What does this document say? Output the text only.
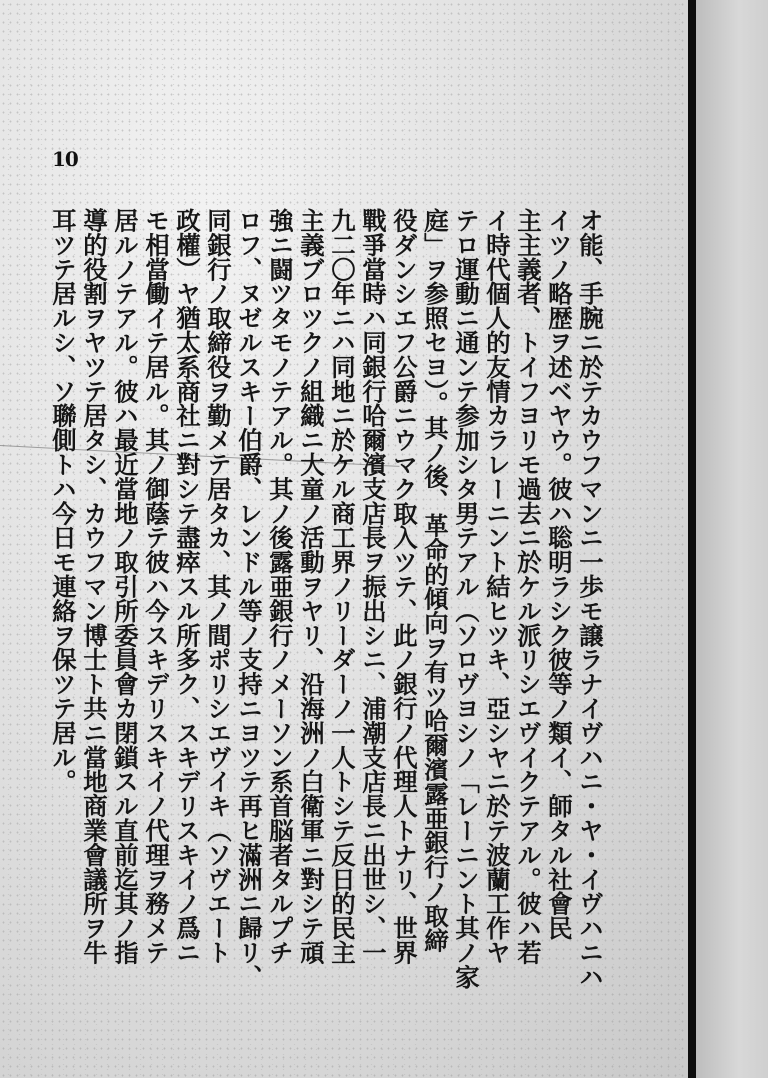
10
オ能、手腕ニ於テカウフマンニ一歩モ譲ラナイヴハニ・ヤ・イヴハニハ
イツノ略歴ヲ述ベヤウ。彼ハ聡明ラシク彼等ノ類イ、師タル社會民
主主義者、トイフヨリモ過去ニ於ケル派リシエヴイクテアル。彼ハ若
イ時代個人的友情カラレーニント結ヒツキ、亞シヤニ於テ波蘭工作ヤ
テロ運動ニ通ンテ参加シタ男テアル（ソロヴヨシノ「レーニント其ノ家
庭」ヲ参照セヨ）。其ノ後、革命的傾向ヲ有ツ哈爾濱露亜銀行ノ取締
役ダンシエフ公爵ニウマク取入ツテ、此ノ銀行ノ代理人トナリ、世界
戰爭當時ハ同銀行哈爾濱支店長ヲ振出シニ、浦潮支店長ニ出世シ、一
九二〇年ニハ同地ニ於ケル商工界ノリーダーノ一人トシテ反日的民主
主義ブロツクノ組織ニ大童ノ活動ヲヤリ、沿海洲ノ白衛軍ニ對シテ頑
強ニ闘ツタモノテアル。其ノ後露亜銀行ノメーソン系首脳者タルプチ
ロフ、ヌゼルスキー伯爵、レンドル等ノ支持ニヨツテ再ヒ滿洲ニ歸リ、
同銀行ノ取締役ヲ勤メテ居タカ、其ノ間ポリシエヴイキ（ソヴエート
政權）ヤ猶太系商社ニ對シテ盡瘁スル所多ク、スキデリスキイノ爲ニ
モ相當働イテ居ル。其ノ御蔭テ彼ハ今スキデリスキイノ代理ヲ務メテ
居ルノテアル。彼ハ最近當地ノ取引所委員會カ閉鎖スル直前迄其ノ指
導的役割ヲヤツテ居タシ、カウフマン博士ト共ニ當地商業會議所ヲ牛
耳ツテ居ルシ、ソ聯側トハ今日モ連絡ヲ保ツテ居ル。
